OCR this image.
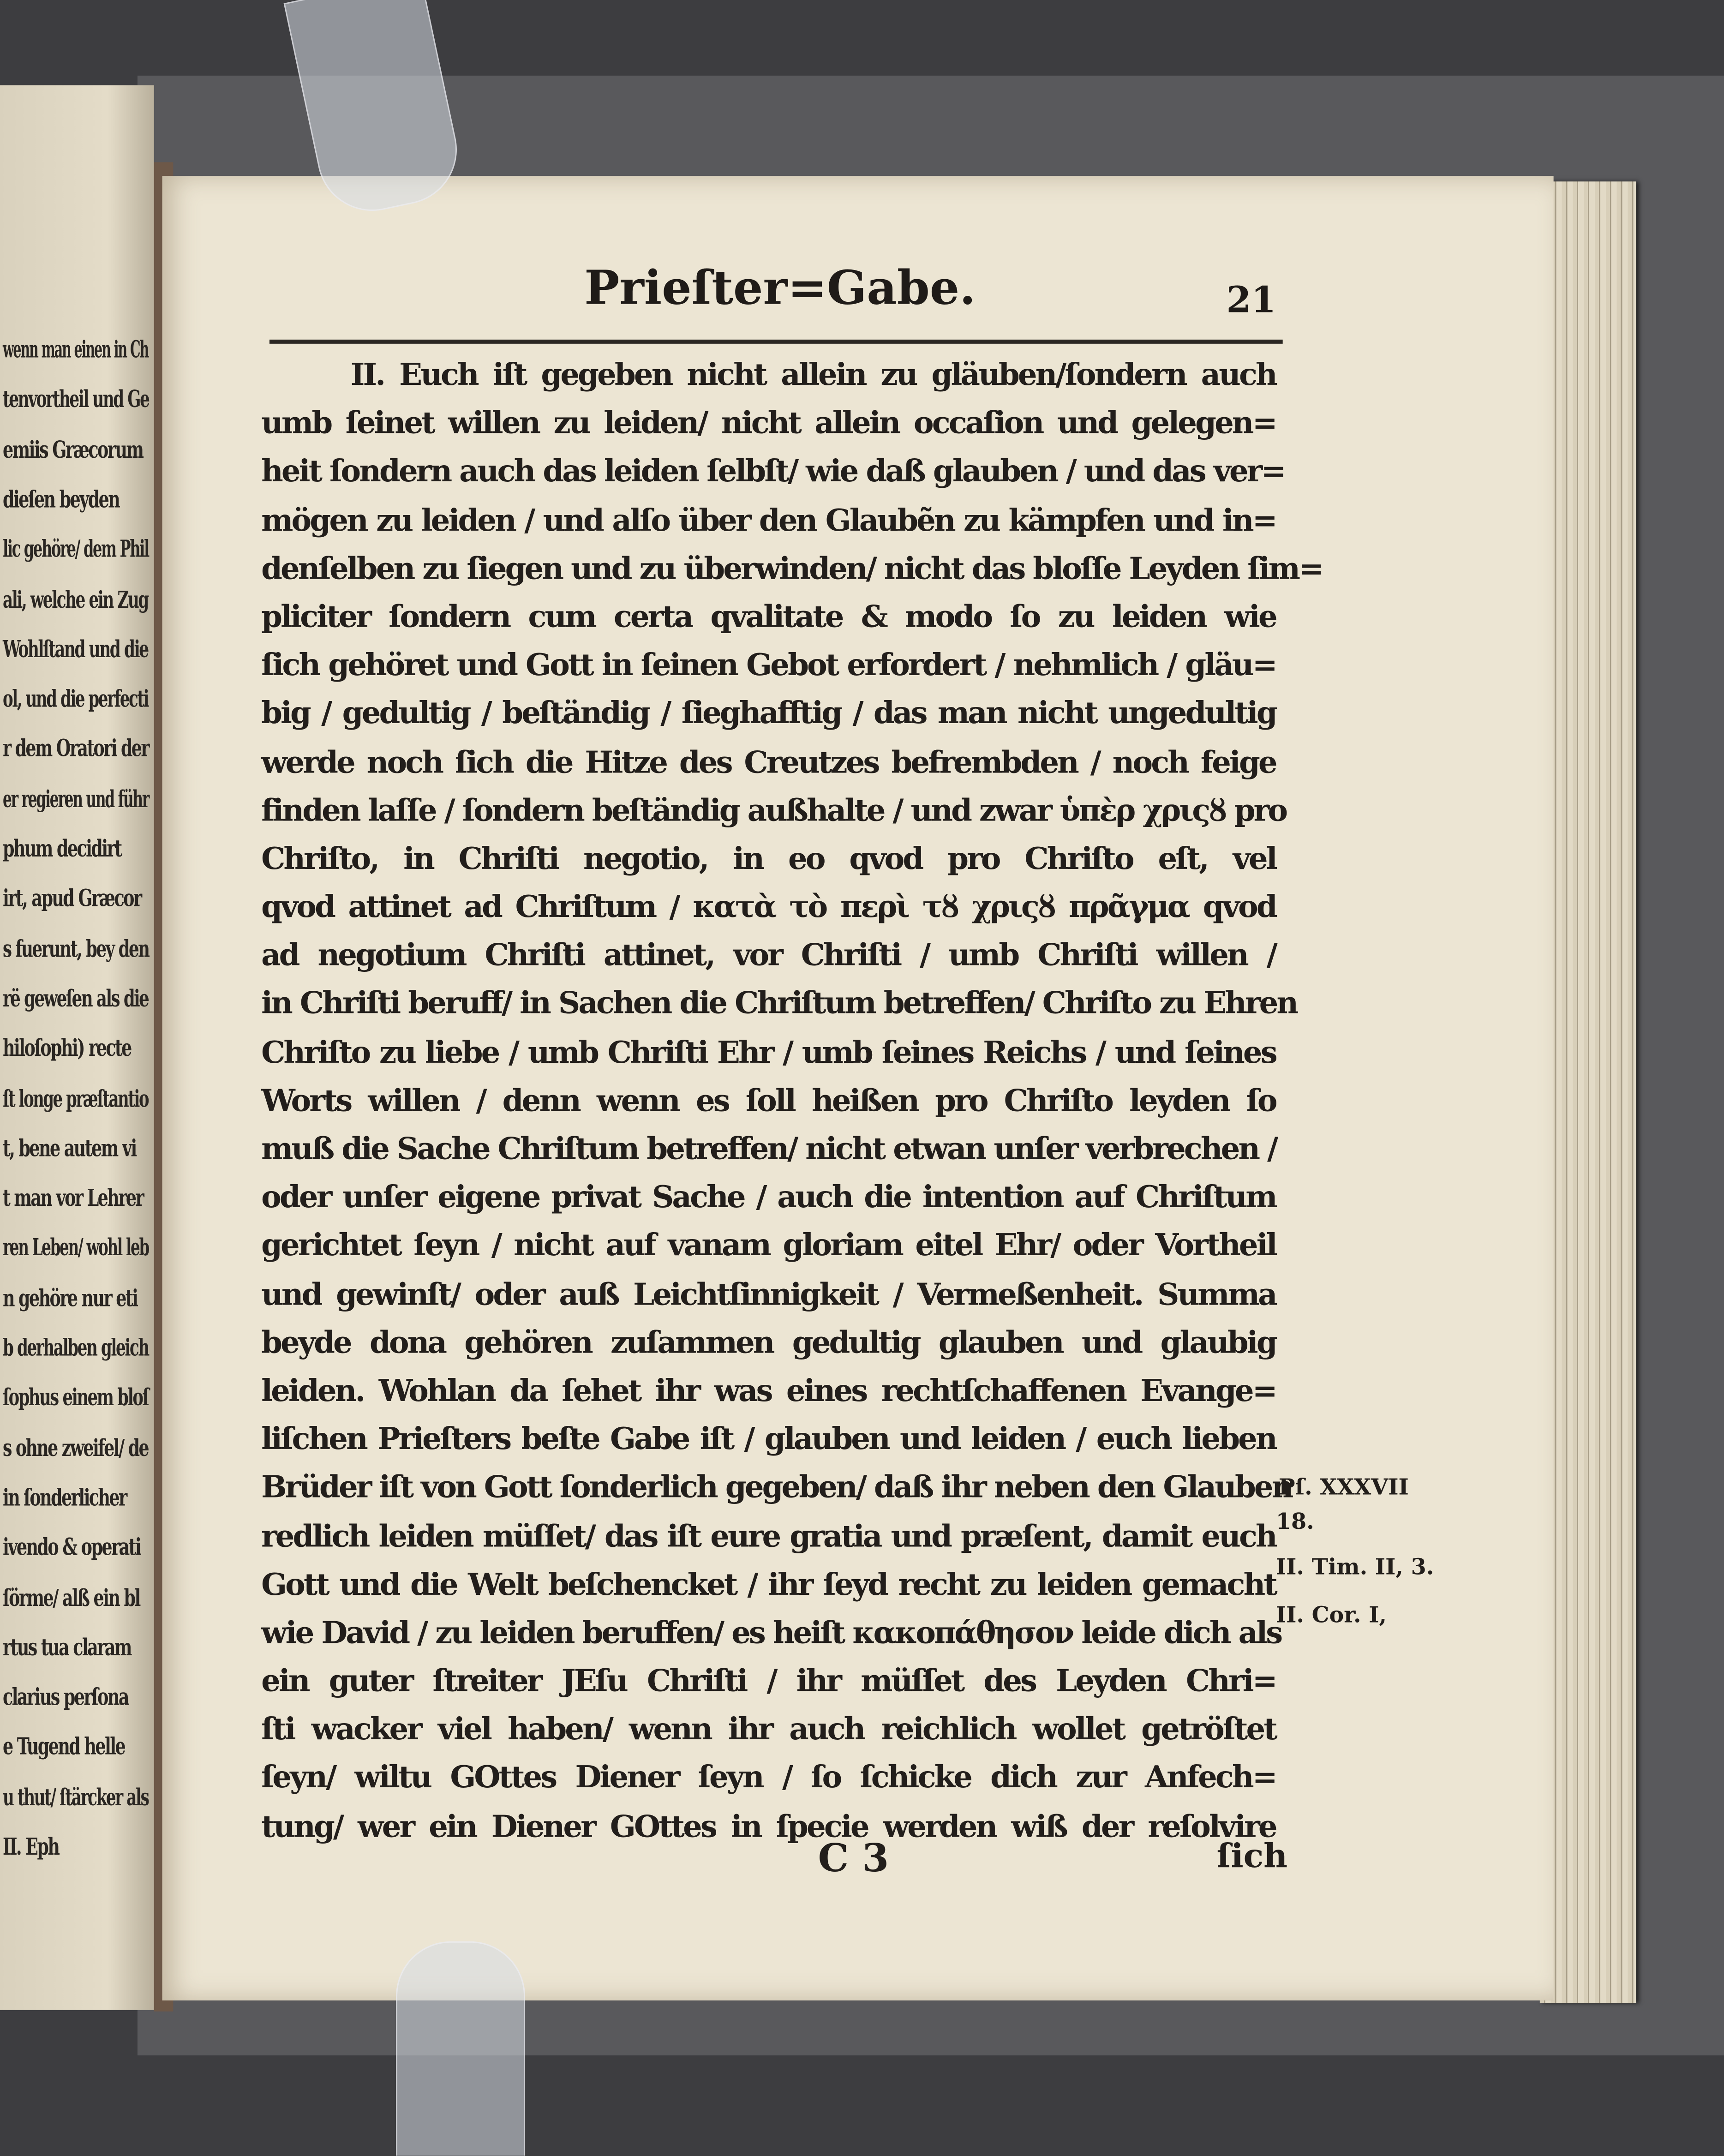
wenn man einen in Ch
tenvortheil und Ge
emiis Græcorum
dieſen beyden
lic gehöre/ dem Phil
ali, welche ein Zug
Wohlſtand und die
ol, und die perfecti
r dem Oratori der
er regieren und führ
phum decidirt
irt, apud Græcor
s fuerunt, bey den
rë geweſen als die
hiloſophi) recte
ſt longe præſtantio
t, bene autem vi
t man vor Lehrer
ren Leben/ wohl leb
n gehöre nur eti
b derhalben gleich
ſophus einem bloſ
s ohne zweifel/ de
in ſonderlicher
ivendo & operati
ſörme/ alß ein bl
rtus tua claram
clarius perſona
e Tugend helle
u thut/ ſtärcker als
II. Eph
Prieſter=Gabe.	21
II. Euch iſt gegeben nicht allein zu gläuben/ſondern auch
umb ſeinet willen zu leiden/ nicht allein occaſion und gelegen=
heit ſondern auch das leiden ſelbſt/ wie daß glauben / und das ver=
mögen zu leiden / und alſo über den Glaubẽn zu kämpfen und in=
denſelben zu ſiegen und zu überwinden/ nicht das bloſſe Leyden ſim=
pliciter ſondern cum certa qvalitate & modo ſo zu leiden wie
ſich gehöret und Gott in ſeinen Gebot erfordert / nehmlich / gläu=
big / gedultig / beſtändig / ſieghafftig / das man nicht ungedultig
werde noch ſich die Hitze des Creutzes befrembden / noch feige
finden laſſe / ſondern beſtändig außhalte / und zwar ὑπὲρ χριςȣ pro
Chriſto, in Chriſti negotio, in eo qvod pro Chriſto eſt, vel
qvod attinet ad Chriſtum / κατὰ τὸ περὶ τȣ χριςȣ πρᾶγμα qvod
ad negotium Chriſti attinet, vor Chriſti / umb Chriſti willen /
in Chriſti beruff/ in Sachen die Chriſtum betreffen/ Chriſto zu Ehren
Chriſto zu liebe / umb Chriſti Ehr / umb ſeines Reichs / und ſeines
Worts willen / denn wenn es ſoll heißen pro Chriſto leyden ſo
muß die Sache Chriſtum betreffen/ nicht etwan unſer verbrechen /
oder unſer eigene privat Sache / auch die intention auf Chriſtum
gerichtet ſeyn / nicht auf vanam gloriam eitel Ehr/ oder Vortheil
und gewinſt/ oder auß Leichtſinnigkeit / Vermeßenheit. Summa
beyde dona gehören zuſammen gedultig glauben und glaubig
leiden. Wohlan da ſehet ihr was eines rechtſchaffenen Evange=
liſchen Prieſters beſte Gabe iſt / glauben und leiden / euch lieben
Brüder iſt von Gott ſonderlich gegeben/ daß ihr neben den Glauben
redlich leiden müſſet/ das iſt eure gratia und præſent, damit euch
Gott und die Welt beſchencket / ihr ſeyd recht zu leiden gemacht
wie David / zu leiden beruffen/ es heiſt κακοπάθησον leide dich als
ein guter ſtreiter JEſu Chriſti / ihr müſſet des Leyden Chri=
ſti wacker viel haben/ wenn ihr auch reichlich wollet getröſtet
ſeyn/ wiltu GOttes Diener ſeyn / ſo ſchicke dich zur Anfech=
tung/ wer ein Diener GOttes in ſpecie werden wiß der reſolvire
Pſ. XXXVII
18.
II. Tim. II, 3.
II. Cor. I,
C 3	ſich
